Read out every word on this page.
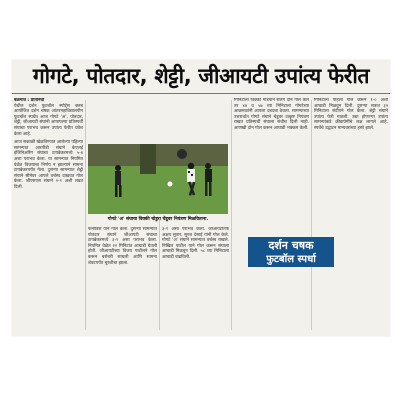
गोगटे, पोतदार, शेट्टी, जीआयटी उपांत्य फेरीत
बेळगाव : प्रतिनिधी
येथील दर्शन फुटबॉल स्पोर्ट्स क्लब आयोजित दर्शन चषक आंतरमहाविद्यालयीन फुटबॉल स्पर्धेत आज गोगटे 'अ', पोतदार, शेट्टी, जीआयटी संघांनी आपापल्या प्रतिस्पर्धी संघांचा पराभव करून उपांत्य फेरीत प्रवेश केला आहे.
आज सकाळी खेळविण्यात आलेल्या पहिल्या सामन्यात आरपीडी संघाने केएलई इंजिनिअरिंग संघाचा टायब्रेकरमध्ये ५-४ असा पराभव केला. या सामन्यात नियमित वेळेत विजयाचा निर्णय न झाल्याने सामना टायब्रेकरपर्यंत गेला. दुसऱ्या सामन्यात शेट्टी संघाने सीमेवर आपले वर्चस्व दाखवत गोल केला. जीएसएस संघाने २-१ अशी लढत दिली.
गोगटे 'अ' संघाचा विक्की चोडुरा चेंडूवर नियंत्रण मिळविताना.
फर्नांडिस याने गोल केला. दुसऱ्या सामन्यात पोतदार संघाने जीआयटी संघाचा टायब्रेकरमध्ये ३-१ असा पराभव केला. नियमित वेळेत २२ मिनिटांत आघाडी घेतली होती. जीआयटीच्या विजय पाटीलने गोल करून बरोबरी साधली आणि सामना शेवटपर्यंत चुरशीचा झाला.
३-१ असा पराभव केला. जीआयटीतर्फे अक्षय सुतार, सुरज देसाई यांनी गोल केले. गोगटे 'अ' संघाने सामन्यात वर्चस्व राखले. निखिल पाटील याने गोल करून संघाला आघाडी मिळवून दिली. ५८ व्या मिनिटाला आघाडी वाढविली.
मिनिटाला विक्की गडियाने सलग दोन गोल केले तर ४४ व ५७ व्या मिनिटाला गोगटेच्या आक्रमकांनी आपला दबदबा ठेवला. सामन्याच्या उत्तरार्धात गोगटे संघाने चेंडूवर उत्कृष्ट नियंत्रण राखत प्रतिस्पर्धी संघाला संधीच दिली नाही. आणखी दोन गोल करून आघाडी भक्कम केली.
दर्शन चषक
फुटबॉल स्पर्धा
मिनिटाला पहिला गोल करून १-० अशी आघाडी मिळवून दिली. दुसऱ्या सत्रात ३२ मिनिटाला संदीपने गोल केला. शेट्टी संघाने उपांत्य फेरी गाठली. उद्या होणाऱ्या उपांत्य सामन्यांकडे क्रीडाप्रेमींचे लक्ष लागले आहे. स्पर्धेचे उद्घाटन मान्यवरांच्या हस्ते झाले.
